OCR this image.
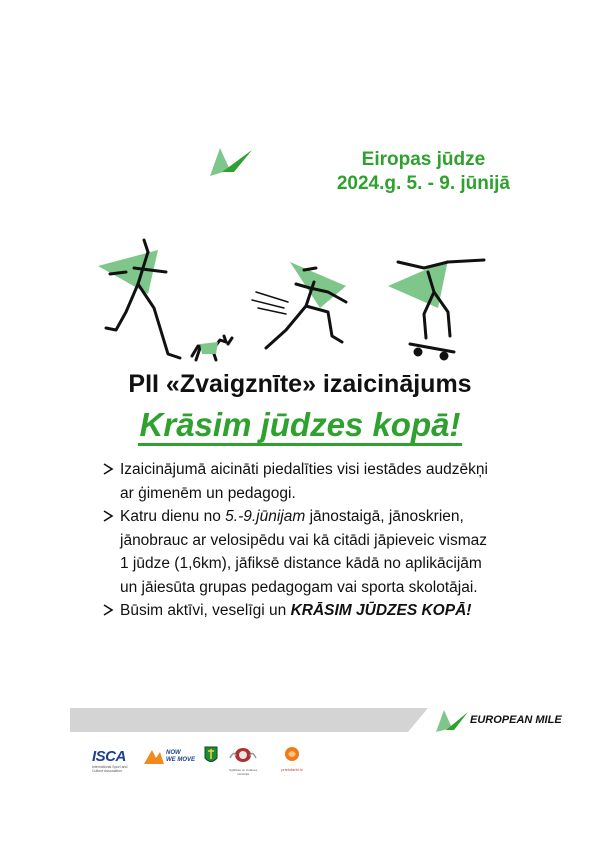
Eiropas jūdze
2024.g. 5. - 9. jūnijā
PII «Zvaigznīte» izaicinājums
Krāsim jūdzes kopā!
Izaicinājumā aicināti piedalīties visi iestādes audzēkņi ar ģimenēm un pedagogi.
Katru dienu no 5.-9.jūnijam jānostaigā, jānoskrien, jānobrauc ar velosipēdu vai kā citādi jāpieveic vismaz 1 jūdze (1,6km), jāfiksē distance kādā no aplikācijām un jāiesūta grupas pedagogam vai sporta skolotājai.
Būsim aktīvi, veselīgi un KRĀSIM JŪDZES KOPĀ!
EUROPEAN MILE
ISCA
International Sport and Culture Association
NOW
WE MOVE
Izglītības un zinātnes ministrija
priekdarbi.lv
